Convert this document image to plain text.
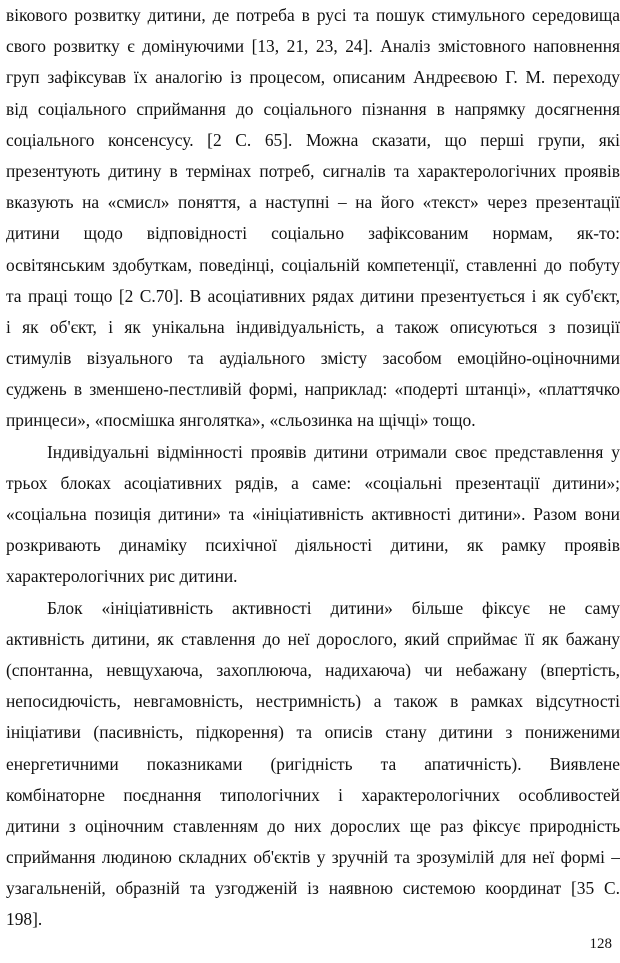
вікового розвитку дитини, де потреба в русі та пошук стимульного середовища
свого розвитку є домінуючими [13, 21, 23, 24]. Аналіз змістовного наповнення
груп зафіксував їх аналогію із процесом, описаним Андреєвою Г. М. переходу
від соціального сприймання до соціального пізнання в напрямку досягнення
соціального консенсусу. [2 С. 65]. Можна сказати, що перші групи, які
презентують дитину в термінах потреб, сигналів та характерологічних проявів
вказують на «смисл» поняття, а наступні – на його «текст» через презентації
дитини щодо відповідності соціально зафіксованим нормам, як-то:
освітянським здобуткам, поведінці, соціальній компетенції, ставленні до побуту
та праці тощо [2 С.70]. В асоціативних рядах дитини презентується і як суб'єкт,
і як об'єкт, і як унікальна індивідуальність, а також описуються з позиції
стимулів візуального та аудіального змісту засобом емоційно-оціночними
суджень в зменшено-пестливій формі, наприклад: «подерті штанці», «платтячко
принцеси», «посмішка янголятка», «сльозинка на щічці» тощо.
Індивідуальні відмінності проявів дитини отримали своє представлення у
трьох блоках асоціативних рядів, а саме: «соціальні презентації дитини»;
«соціальна позиція дитини» та «ініціативність активності дитини». Разом вони
розкривають динаміку психічної діяльності дитини, як рамку проявів
характерологічних рис дитини.
Блок «ініціативність активності дитини» більше фіксує не саму
активність дитини, як ставлення до неї дорослого, який сприймає її як бажану
(спонтанна, невщухаюча, захоплююча, надихаюча) чи небажану (впертість,
непосидючість, невгамовність, нестримність) а також в рамках відсутності
ініціативи (пасивність, підкорення) та описів стану дитини з пониженими
енергетичними показниками (ригідність та апатичність). Виявлене
комбінаторне поєднання типологічних і характерологічних особливостей
дитини з оціночним ставленням до них дорослих ще раз фіксує природність
сприймання людиною складних об'єктів у зручній та зрозумілій для неї формі –
узагальненій, образній та узгодженій із наявною системою координат [35 С.
198].
128
